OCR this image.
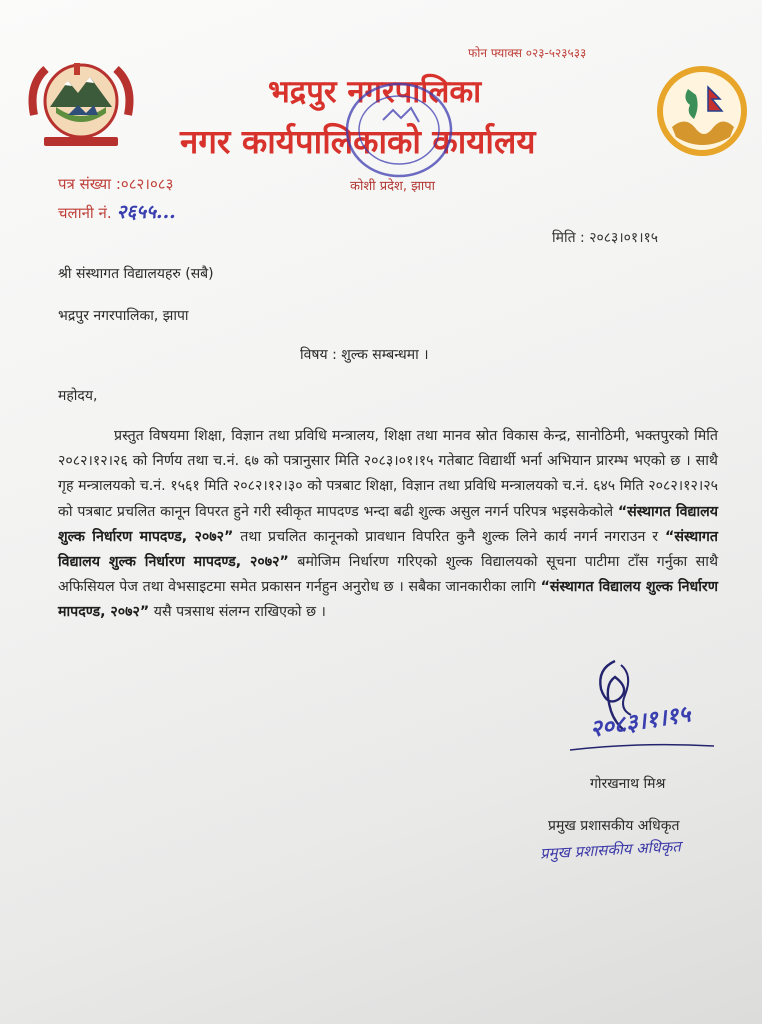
फोन फ्याक्स ०२३-५२३५३३
भद्रपुर नगरपालिका
नगर कार्यपालिकाको कार्यालय
कोशी प्रदेश, झापा
पत्र संख्या :०८२।०८३
चलानी नं. २६५५...
मिति : २०८३।०१।१५
श्री संस्थागत विद्यालयहरु (सबै)
भद्रपुर नगरपालिका, झापा
विषय : शुल्क सम्बन्धमा ।
महोदय,
प्रस्तुत विषयमा शिक्षा, विज्ञान तथा प्रविधि मन्त्रालय, शिक्षा तथा मानव स्रोत विकास केन्द्र, सानोठिमी, भक्तपुरको मिति २०८२।१२।२६ को निर्णय तथा च.नं. ६७ को पत्रानुसार मिति २०८३।०१।१५ गतेबाट विद्यार्थी भर्ना अभियान प्रारम्भ भएको छ । साथै गृह मन्त्रालयको च.नं. १५६१ मिति २०८२।१२।३० को पत्रबाट शिक्षा, विज्ञान तथा प्रविधि मन्त्रालयको च.नं. ६४५ मिति २०८२।१२।२५ को पत्रबाट प्रचलित कानून विपरत हुने गरी स्वीकृत मापदण्ड भन्दा बढी शुल्क असुल नगर्न परिपत्र भइसकेकोले “संस्थागत विद्यालय शुल्क निर्धारण मापदण्ड, २०७२” तथा प्रचलित कानूनको प्रावधान विपरित कुनै शुल्क लिने कार्य नगर्न नगराउन र “संस्थागत विद्यालय शुल्क निर्धारण मापदण्ड, २०७२” बमोजिम निर्धारण गरिएको शुल्क विद्यालयको सूचना पाटीमा टाँस गर्नुका साथै अफिसियल पेज तथा वेभसाइटमा समेत प्रकासन गर्नहुन अनुरोध छ । सबैका जानकारीका लागि “संस्थागत विद्यालय शुल्क निर्धारण मापदण्ड, २०७२” यसै पत्रसाथ संलग्न राखिएको छ ।
२०८३।१।१५
गोरखनाथ मिश्र
प्रमुख प्रशासकीय अधिकृत
प्रमुख प्रशासकीय अधिकृत
